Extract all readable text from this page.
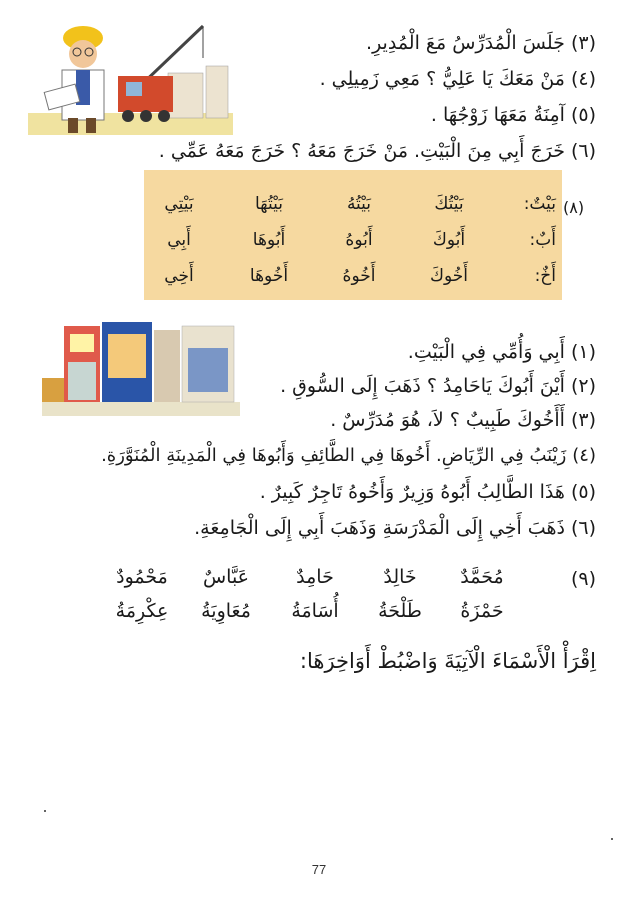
(٣)جَلَسَ الْمُدَرِّسُ مَعَ الْمُدِيرِ.
(٤)مَنْ مَعَكَ يَا عَلِيُّ ؟ مَعِي زَمِيلِي .
(٥)آمِنَةُ مَعَهَا زَوْجُهَا .
(٦)خَرَجَ أَبِي مِنَ الْبَيْتِ. مَنْ خَرَجَ مَعَهُ ؟ خَرَجَ مَعَهُ عَمِّي .
(٨)
بَيْتٌ:
بَيْتُكَ
بَيْتُهُ
بَيْتُهَا
بَيْتِي
أَبٌ:
أَبُوكَ
أَبُوهُ
أَبُوهَا
أَبِي
أَخٌ:
أَخُوكَ
أَخُوهُ
أَخُوهَا
أَخِي
(١)أَبِي وَأُمِّي فِي الْبَيْتِ.
(٢)أَيْنَ أَبُوكَ يَاحَامِدُ ؟ ذَهَبَ إِلَى السُّوقِ .
(٣)أَأَخُوكَ طَبِيبٌ ؟ لاَ، هُوَ مُدَرِّسٌ .
(٤)زَيْنَبُ فِي الرِّيَاضِ. أَخُوهَا فِي الطَّائِفِ وَأَبُوهَا فِي الْمَدِينَةِ الْمُنَوَّرَةِ.
(٥)هَذَا الطَّالِبُ أَبُوهُ وَزِيرٌ وَأَخُوهُ تَاجِرٌ كَبِيرٌ .
(٦)ذَهَبَ أَخِي إِلَى الْمَدْرَسَةِ وَذَهَبَ أَبِي إِلَى الْجَامِعَةِ.
(٩)
مُحَمَّدٌ
خَالِدٌ
حَامِدٌ
عَبَّاسٌ
مَحْمُودٌ
حَمْزَةُ
طَلْحَةُ
أُسَامَةُ
مُعَاوِيَةُ
عِكْرِمَةُ
اِقْرَأْ الْأَسْمَاءَ الْآتِيَةَ وَاضْبُطْ أَوَاخِرَهَا:
77
